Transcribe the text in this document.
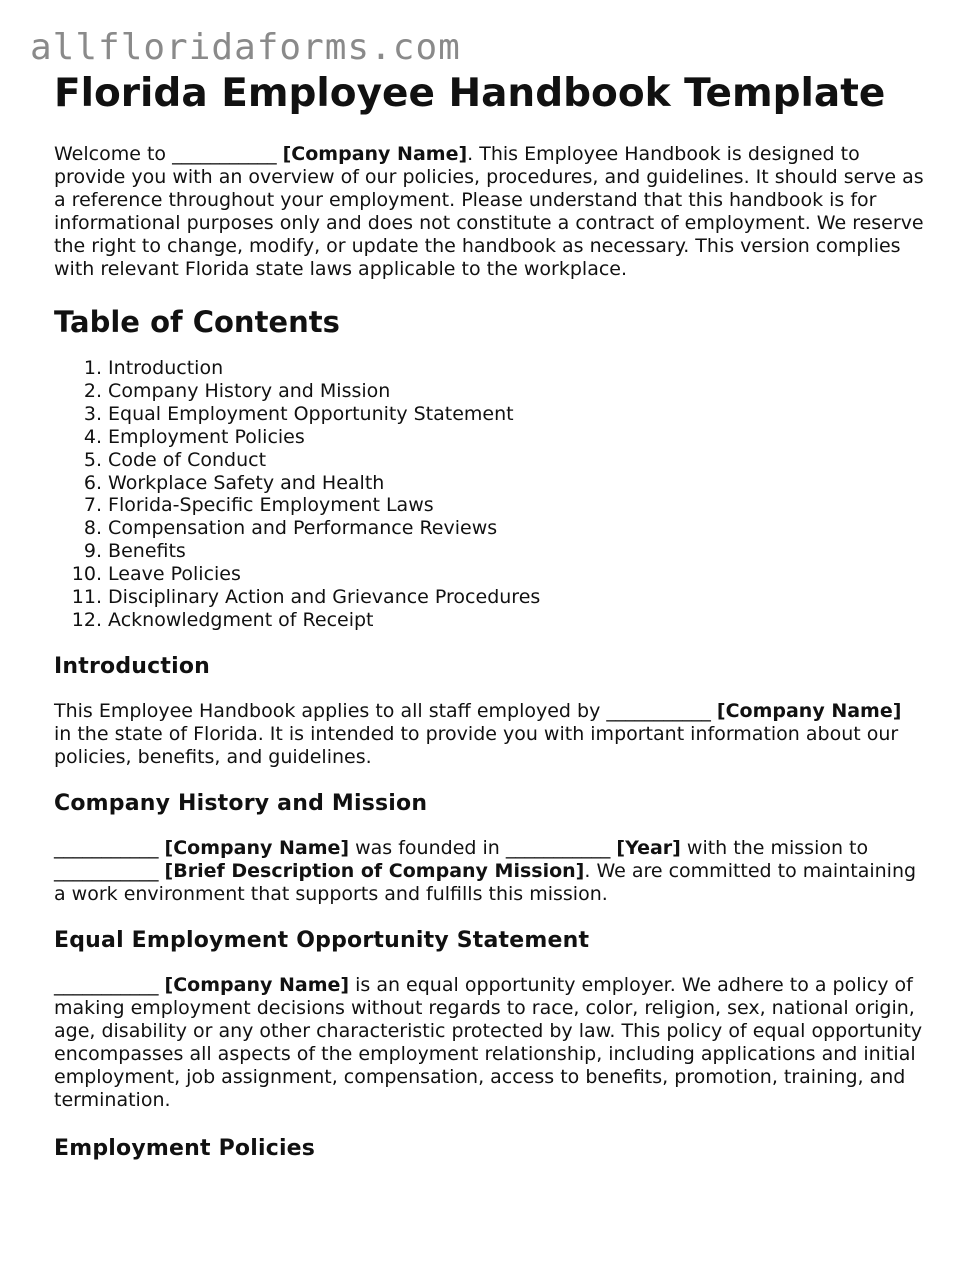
allfloridaforms.com
Florida Employee Handbook Template

Welcome to ___________ [Company Name]. This Employee Handbook is designed to provide you with an overview of our policies, procedures, and guidelines. It should serve as a reference throughout your employment. Please understand that this handbook is for informational purposes only and does not constitute a contract of employment. We reserve the right to change, modify, or update the handbook as necessary. This version complies with relevant Florida state laws applicable to the workplace.

Table of Contents
1.
Introduction
2.
Company History and Mission
3.
Equal Employment Opportunity Statement
4.
Employment Policies
5.
Code of Conduct
6.
Workplace Safety and Health
7.
Florida-Specific Employment Laws
8.
Compensation and Performance Reviews
9.
Benefits
10.
Leave Policies
11.
Disciplinary Action and Grievance Procedures
12.
Acknowledgment of Receipt
Introduction

This Employee Handbook applies to all staff employed by ___________ [Company Name] in the state of Florida. It is intended to provide you with important information about our policies, benefits, and guidelines.

Company History and Mission

___________ [Company Name] was founded in ___________ [Year] with the mission to ___________ [Brief Description of Company Mission]. We are committed to maintaining a work environment that supports and fulfills this mission.

Equal Employment Opportunity Statement

___________ [Company Name] is an equal opportunity employer. We adhere to a policy of making employment decisions without regards to race, color, religion, sex, national origin, age, disability or any other characteristic protected by law. This policy of equal opportunity encompasses all aspects of the employment relationship, including applications and initial employment, job assignment, compensation, access to benefits, promotion, training, and termination.

Employment Policies
